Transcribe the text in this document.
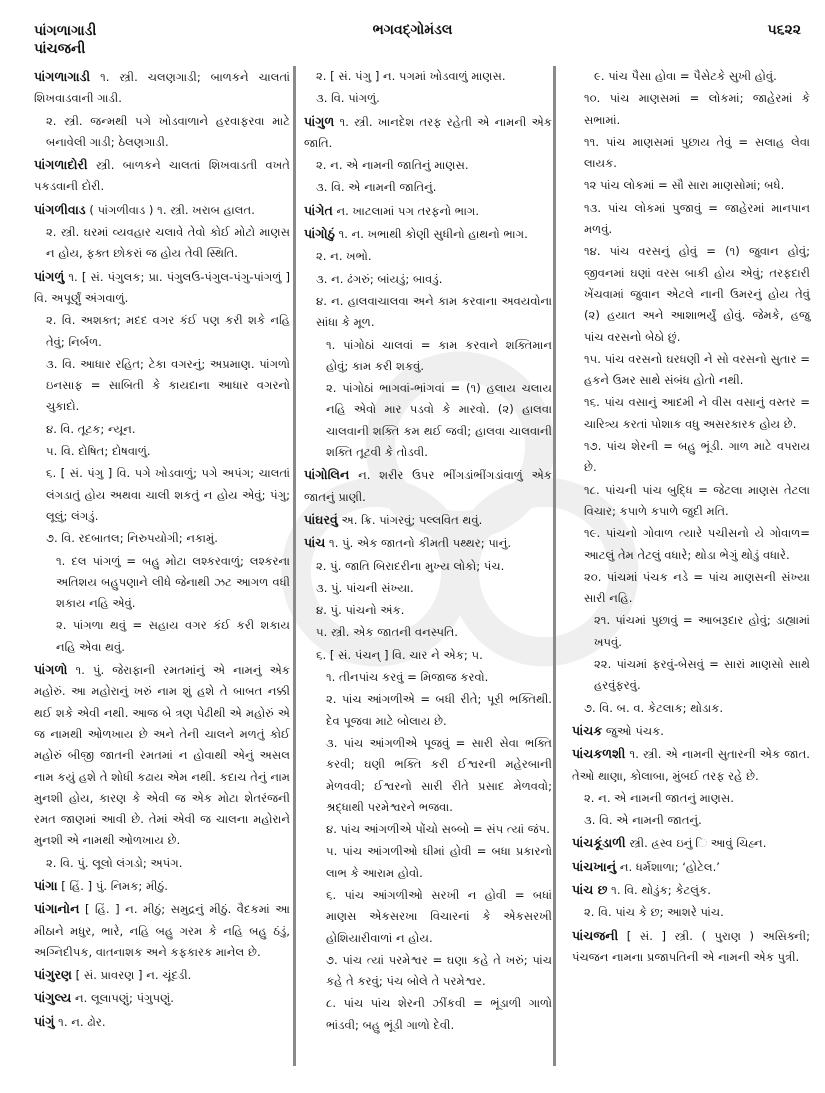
પાંગળાગાડી
પાંચજની
ભગવદ્ગોમંડલ	૫૬૨૨
પાંગળાગાડી ૧. સ્ત્રી. ચલણગાડી; બાળકને ચાલતાં શિખવાડવાની ગાડી.
૨. સ્ત્રી. જન્મથી પગે ખોડવાળાને હરવાફરવા માટે બનાવેલી ગાડી; ઠેલણગાડી.
પાંગળાદોરી સ્ત્રી. બાળકને ચાલતાં શિખવાડતી વખતે પકડવાની દોરી.
પાંગળીવાડ ( પાંગળીવાડ ) ૧. સ્ત્રી. ખરાબ હાલત.
૨. સ્ત્રી. ઘરમાં વ્યવહાર ચલાવે તેવો કોઈ મોટો માણસ ન હોય, ફક્ત છોકરાં જ હોય તેવી સ્થિતિ.
પાંગળું ૧. [ સં. પંગુલક; પ્રા. પંગુલઉ-પંગુલ-પંગુ-પાંગળું ] વિ. અપૂર્ણું અંગવાળું.
૨. વિ. અશક્ત; મદદ વગર કંઈ પણ કરી શકે નહિ તેવું; નિર્બળ.
૩. વિ. આધાર રહિત; ટેકા વગરનું; અપ્રમાણ. પાંગળો ઇનસાફ = સાબિતી કે કાયદાના આધાર વગરનો ચુકાદો.
૪. વિ. તૂટક; ન્યૂન.
૫. વિ. દોષિત; દોષવાળું.
૬. [ સં. પંગુ ] વિ. પગે ખોડવાળું; પગે અપંગ; ચાલતાં લંગડાતું હોય અથવા ચાલી શકતું ન હોય એવું; પંગુ; લૂલું; લંગડું.
૭. વિ. રદબાતલ; નિરુપયોગી; નકામું.
૧. દલ પાંગળું = બહુ મોટા લશ્કરવાળું; લશ્કરના અતિશય બહુપણાને લીધે જેનાથી ઝટ આગળ વધી શકાય નહિ એવું.
૨. પાંગળા થવું = સહાય વગર કંઈ કરી શકાય નહિ એવા થવું.
પાંગળો ૧. પું. જેરાફાની રમતમાંનું એ નામનું એક મહોરું. આ મહોરાનું ખરું નામ શું હશે તે બાબત નક્કી થઈ શકે એવી નથી. આજ બે ત્રણ પેઢીથી એ મહોરું એ જ નામથી ઓળખાય છે અને તેની ચાલને મળતું કોઈ મહોરું બીજી જાતની રમતમાં ન હોવાથી એનું અસલ નામ કયું હશે તે શોધી કઢાય એમ નથી. કદાચ તેનું નામ મુનશી હોય, કારણ કે એવી જ એક મોટા શેતરંજની રમત જાણમાં આવી છે. તેમાં એવી જ ચાલના મહોરાને મુનશી એ નામથી ઓળખાય છે.
૨. વિ. પું. લૂલો લંગડો; અપંગ.
પાંગા [ હિં. ] પું. નિમક; મીઠું.
પાંગાનોન [ હિં. ] ન. મીઠું; સમુદ્રનું મીઠું. વૈદકમાં આ મીઠાને મધુર, ભારે, નહિ બહુ ગરમ કે નહિ બહુ ઠંડું, અગ્નિદીપક, વાતનાશક અને કફકારક માનેલ છે.
પાંગુરણ [ સં. પ્રાવરણ ] ન. ચૂંદડી.
પાંગુલ્ય ન. લૂલાપણું; પંગુપણું.
પાંગું ૧. ન. ઢોર.
૨. [ સં. પંગુ ] ન. પગમાં ખોડવાળું માણસ.
૩. વિ. પાંગળું.
પાંગુળ ૧. સ્ત્રી. ખાનદેશ તરફ રહેતી એ નામની એક જાતિ.
૨. ન. એ નામની જાતિનું માણસ.
૩. વિ. એ નામની જાતિનું.
પાંગેત ન. ખાટલામાં પગ તરફનો ભાગ.
પાંગોઠું ૧. ન. ખભાથી કોણી સુધીનો હાથનો ભાગ.
૨. ન. ખભો.
૩. ન. ઢંગરું; બાંયડું; બાવડું.
૪. ન. હાલવાચાલવા અને કામ કરવાના અવયવોના સાંધા કે મૂળ.
૧. પાંગોઠાં ચાલવાં = કામ કરવાને શક્તિમાન હોવું; કામ કરી શકવું.
૨. પાંગોઠાં ભાગવાં-ભાંગવાં = (૧) હલાય ચલાય નહિ એવો માર પડવો કે મારવો. (૨) હાલવા ચાલવાની શક્તિ કમ થઈ જવી; હાલવા ચાલવાની શક્તિ તૂટવી કે તોડવી.
પાંગોલિન ન. શરીર ઉપર ભીંગડાંભીંગડાંવાળું એક જાતનું પ્રાણી.
પાંઘરવું અ. ક્રિ. પાંગરવું; પલ્લવિત થવું.
પાંચ ૧. પું. એક જાતનો કીમતી પથ્થર; પાનું.
૨. પું. જાતિ બિરાદરીના મુખ્ય લોકો; પંચ.
૩. પું. પાંચની સંખ્યા.
૪. પું. પાંચનો અંક.
૫. સ્ત્રી. એક જાતની વનસ્પતિ.
૬. [ સં. પંચન્ ] વિ. ચાર ને એક; ૫.
૧. તીનપાંચ કરવું = મિજાજ કરવો.
૨. પાંચ આંગળીએ = બધી રીતે; પૂરી ભક્તિથી. દેવ પૂજવા માટે બોલાય છે.
૩. પાંચ આંગળીએ પૂજવું = સારી સેવા ભક્તિ કરવી; ઘણી ભક્તિ કરી ઈશ્વરની મહેરબાની મેળવવી; ઈશ્વરનો સારી રીતે પ્રસાદ મેળવવો; શ્રદ્ધાથી પરમેશ્વરને ભજવા.
૪. પાંચ આંગળીએ પોંચો સબ્બો = સંપ ત્યાં જંપ.
૫. પાંચ આંગળીઓ ઘીમાં હોવી = બધા પ્રકારનો લાભ કે આરામ હોવો.
૬. પાંચ આંગળીઓ સરખી ન હોવી = બધાં માણસ એકસરખા વિચારનાં કે એકસરખી હોશિયારીવાળાં ન હોય.
૭. પાંચ ત્યાં પરમેશ્વર = ઘણા કહે તે ખરું; પાંચ કહે તે કરવું; પંચ બોલે તે પરમેશ્વર.
૮. પાંચ પાંચ શેરની ઝીંકવી = ભૂંડાળી ગાળો ભાંડવી; બહુ ભૂંડી ગાળો દેવી.
૯. પાંચ પૈસા હોવા = પૈસેટકે સુખી હોવું.
૧૦. પાંચ માણસમાં = લોકમાં; જાહેરમાં કે સભામાં.
૧૧. પાંચ માણસમાં પુછાય તેવું = સલાહ લેવા લાયક.
૧૨ પાંચ લોકમાં = સૌ સારા માણસોમાં; બધે.
૧૩. પાંચ લોકમાં પુજાવું = જાહેરમાં માનપાન મળવું.
૧૪. પાંચ વરસનું હોવું = (૧) જુવાન હોવું; જીવનમાં ઘણાં વરસ બાકી હોય એવું; તરફદારી ખેંચવામાં જુવાન એટલે નાની ઉમરનું હોય તેવું (૨) હયાત અને આશાભર્યું હોવું. જેમકે, હજુ પાંચ વરસનો બેઠો છું.
૧૫. પાંચ વરસનો ઘરધણી ને સો વરસનો સુતાર = હકને ઉમર સાથે સંબંધ હોતો નથી.
૧૬. પાંચ વસાનું આદમી ને વીસ વસાનું વસ્તર = ચારિત્ર્ય કરતાં પોશાક વધુ અસરકારક હોય છે.
૧૭. પાંચ શેરની = બહુ ભૂંડી. ગાળ માટે વપરાય છે.
૧૮. પાંચની પાંચ બુદ્ધિ = જેટલા માણસ તેટલા વિચાર; કપાળે કપાળે જુદી મતિ.
૧૯. પાંચનો ગોવાળ ત્યારે પચીસનો યે ગોવાળ= આટલું તેમ તેટલું વધારે; થોડા ભેગું થોડું વધારે.
૨૦. પાંચમાં પંચક નડે = પાંચ માણસની સંખ્યા સારી નહિ.
૨૧. પાંચમાં પુછાવું = આબરૂદાર હોવું; ડાહ્યામાં ખપવું.
૨૨. પાંચમાં ફરવું-બેસવું = સારાં માણસો સાથે હરવુંફરવું.
૭. વિ. બ. વ. કેટલાક; થોડાક.
પાંચક જુઓ પંચક.
પાંચકળશી ૧. સ્ત્રી. એ નામની સુતારની એક જાત. તેઓ થાણા, કોલાબા, મુંબઈ તરફ રહે છે.
૨. ન. એ નામની જાતનું માણસ.
૩. વિ. એ નામની જાતનું.
પાંચકૂંડાળી સ્ત્રી. હ્રસ્વ ઇનું િ આવું ચિહ્ન.
પાંચખાનું ન. ધર્મશાળા; ‘હોટેલ.’
પાંચ છ ૧. વિ. થોડુંક; કેટલુંક.
૨. વિ. પાંચ કે છ; આશરે પાંચ.
પાંચજની [ સં. ] સ્ત્રી. ( પુરાણ ) અસિક્ની; પંચજન નામના પ્રજાપતિની એ નામની એક પુત્રી.
